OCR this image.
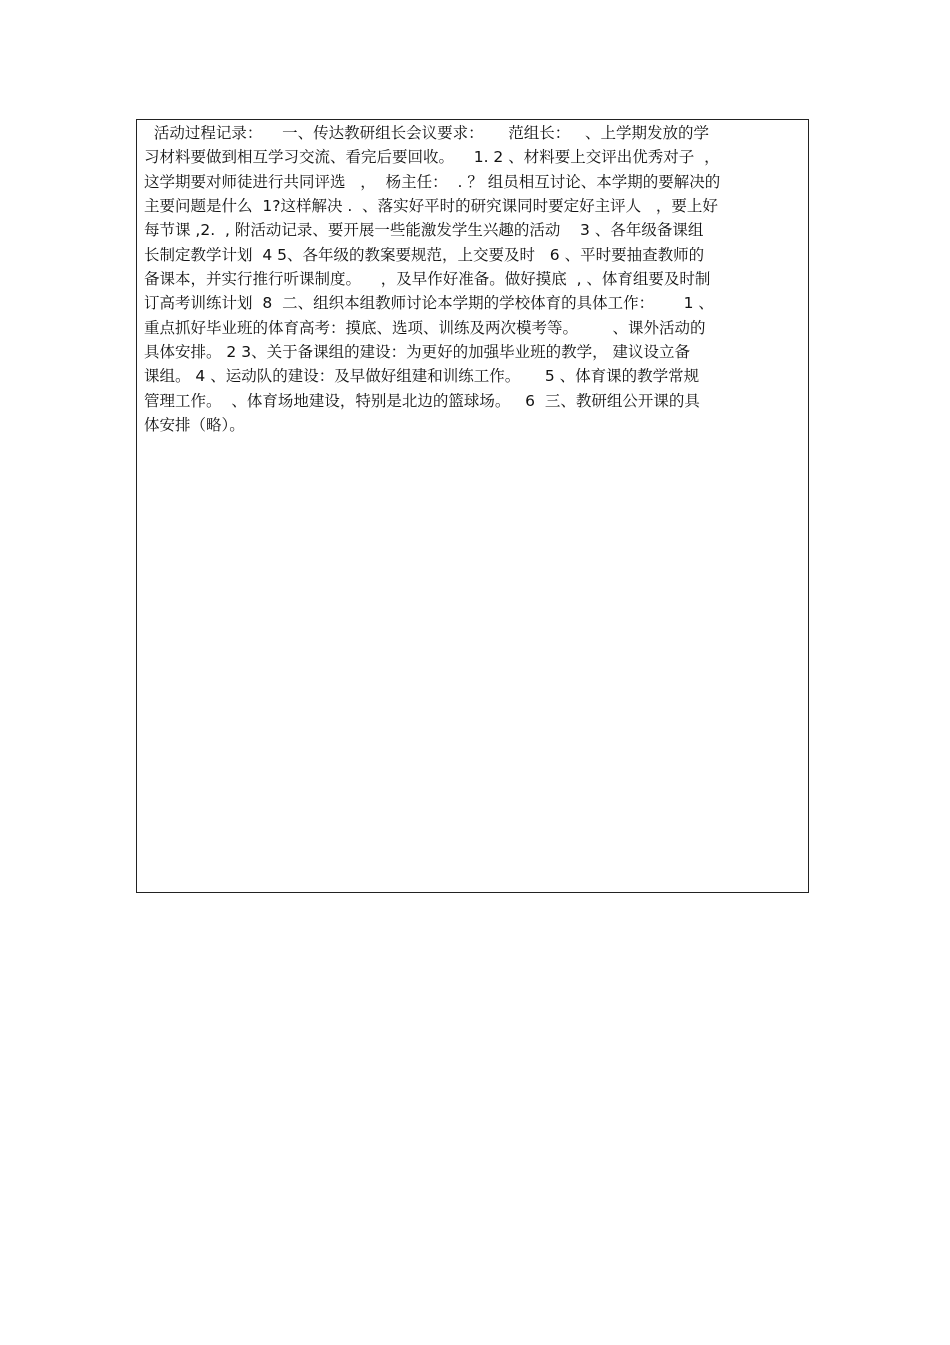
活动过程记录：    一、传达教研组长会议要求：     范组长：   、上学期发放的学
习材料要做到相互学习交流、看完后要回收。    1. 2 、材料要上交评出优秀对子  ，
这学期要对师徒进行共同评选   ，  杨主任：  . ？ 组员相互讨论、本学期的要解决的
主要问题是什么  1?这样解决 .  、落实好平时的研究课同时要定好主评人   ，要上好
每节课 ,2.  , 附活动记录、要开展一些能激发学生兴趣的活动    3 、各年级备课组
长制定教学计划  4 5、各年级的教案要规范，上交要及时   6 、平时要抽查教师的
备课本，并实行推行听课制度。    ，及早作好准备。做好摸底  , 、体育组要及时制
订高考训练计划  8  二、组织本组教师讨论本学期的学校体育的具体工作：      1 、
重点抓好毕业班的体育高考：摸底、选项、训练及两次模考等。       、课外活动的
具体安排。 2 3、关于备课组的建设：为更好的加强毕业班的教学， 建议设立备
课组。 4 、运动队的建设：及早做好组建和训练工作。     5 、体育课的教学常规
管理工作。  、体育场地建设，特别是北边的篮球场。   6  三、教研组公开课的具
体安排（略）。
